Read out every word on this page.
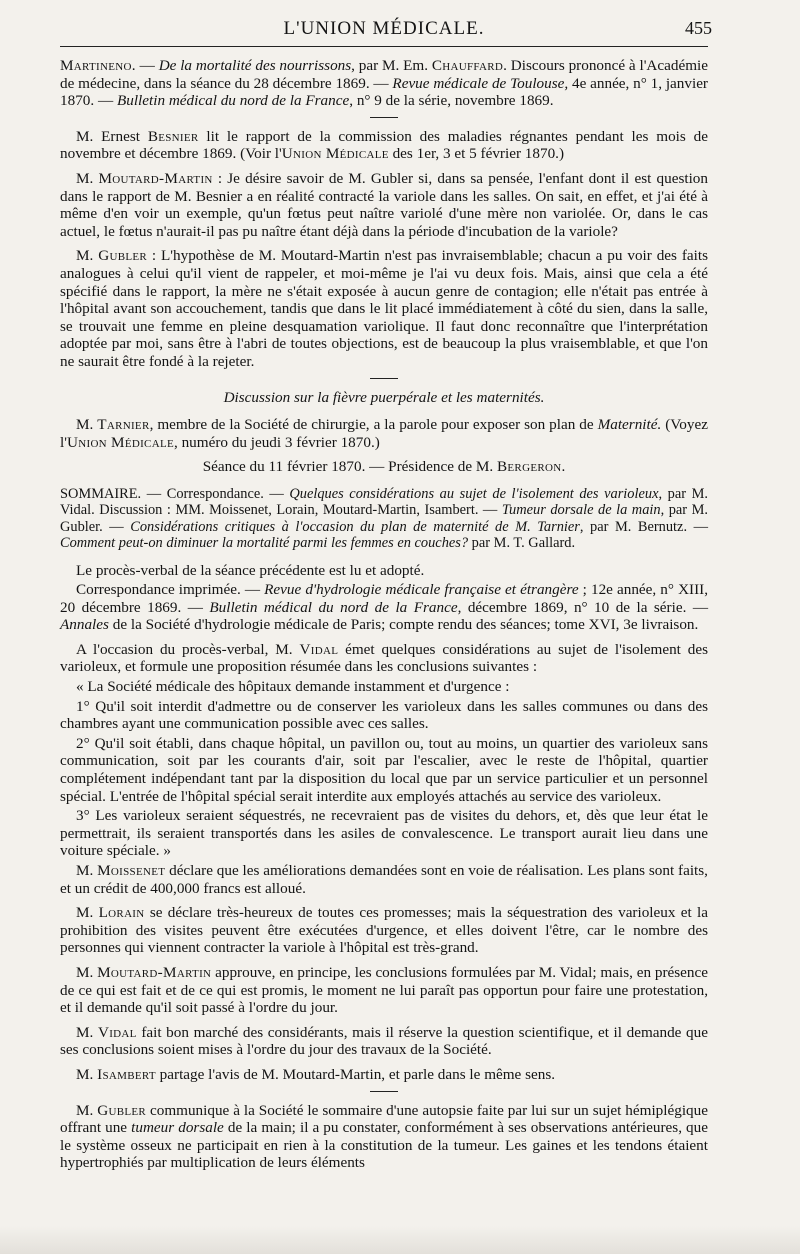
L'UNION MÉDICALE.	455

Martineno. — De la mortalité des nourrissons, par M. Em. Chauffard. Discours prononcé à l'Académie de médecine, dans la séance du 28 décembre 1869. — Revue médicale de Toulouse, 4e année, n° 1, janvier 1870. — Bulletin médical du nord de la France, n° 9 de la série, novembre 1869.

M. Ernest Besnier lit le rapport de la commission des maladies régnantes pendant les mois de novembre et décembre 1869. (Voir l'Union Médicale des 1er, 3 et 5 février 1870.)

M. Moutard-Martin : Je désire savoir de M. Gubler si, dans sa pensée, l'enfant dont il est question dans le rapport de M. Besnier a en réalité contracté la variole dans les salles. On sait, en effet, et j'ai été à même d'en voir un exemple, qu'un fœtus peut naître variolé d'une mère non variolée. Or, dans le cas actuel, le fœtus n'aurait-il pas pu naître étant déjà dans la période d'incubation de la variole?

M. Gubler : L'hypothèse de M. Moutard-Martin n'est pas invraisemblable; chacun a pu voir des faits analogues à celui qu'il vient de rappeler, et moi-même je l'ai vu deux fois. Mais, ainsi que cela a été spécifié dans le rapport, la mère ne s'était exposée à aucun genre de contagion; elle n'était pas entrée à l'hôpital avant son accouchement, tandis que dans le lit placé immédiatement à côté du sien, dans la salle, se trouvait une femme en pleine desquamation variolique. Il faut donc reconnaître que l'interprétation adoptée par moi, sans être à l'abri de toutes objections, est de beaucoup la plus vraisemblable, et que l'on ne saurait être fondé à la rejeter.

Discussion sur la fièvre puerpérale et les maternités.

M. Tarnier, membre de la Société de chirurgie, a la parole pour exposer son plan de Maternité. (Voyez l'Union Médicale, numéro du jeudi 3 février 1870.)

Séance du 11 février 1870. — Présidence de M. Bergeron.

SOMMAIRE. — Correspondance. — Quelques considérations au sujet de l'isolement des varioleux, par M. Vidal. Discussion : MM. Moissenet, Lorain, Moutard-Martin, Isambert. — Tumeur dorsale de la main, par M. Gubler. — Considérations critiques à l'occasion du plan de maternité de M. Tarnier, par M. Bernutz. — Comment peut-on diminuer la mortalité parmi les femmes en couches? par M. T. Gallard.

Le procès-verbal de la séance précédente est lu et adopté.

Correspondance imprimée. — Revue d'hydrologie médicale française et étrangère ; 12e année, n° XIII, 20 décembre 1869. — Bulletin médical du nord de la France, décembre 1869, n° 10 de la série. — Annales de la Société d'hydrologie médicale de Paris; compte rendu des séances; tome XVI, 3e livraison.

A l'occasion du procès-verbal, M. Vidal émet quelques considérations au sujet de l'isolement des varioleux, et formule une proposition résumée dans les conclusions suivantes :

« La Société médicale des hôpitaux demande instamment et d'urgence :

1° Qu'il soit interdit d'admettre ou de conserver les varioleux dans les salles communes ou dans des chambres ayant une communication possible avec ces salles.

2° Qu'il soit établi, dans chaque hôpital, un pavillon ou, tout au moins, un quartier des varioleux sans communication, soit par les courants d'air, soit par l'escalier, avec le reste de l'hôpital, quartier complétement indépendant tant par la disposition du local que par un service particulier et un personnel spécial. L'entrée de l'hôpital spécial serait interdite aux employés attachés au service des varioleux.

3° Les varioleux seraient séquestrés, ne recevraient pas de visites du dehors, et, dès que leur état le permettrait, ils seraient transportés dans les asiles de convalescence. Le transport aurait lieu dans une voiture spéciale. »

M. Moissenet déclare que les améliorations demandées sont en voie de réalisation. Les plans sont faits, et un crédit de 400,000 francs est alloué.

M. Lorain se déclare très-heureux de toutes ces promesses; mais la séquestration des varioleux et la prohibition des visites peuvent être exécutées d'urgence, et elles doivent l'être, car le nombre des personnes qui viennent contracter la variole à l'hôpital est très-grand.

M. Moutard-Martin approuve, en principe, les conclusions formulées par M. Vidal; mais, en présence de ce qui est fait et de ce qui est promis, le moment ne lui paraît pas opportun pour faire une protestation, et il demande qu'il soit passé à l'ordre du jour.

M. Vidal fait bon marché des considérants, mais il réserve la question scientifique, et il demande que ses conclusions soient mises à l'ordre du jour des travaux de la Société.

M. Isambert partage l'avis de M. Moutard-Martin, et parle dans le même sens.

M. Gubler communique à la Société le sommaire d'une autopsie faite par lui sur un sujet hémiplégique offrant une tumeur dorsale de la main; il a pu constater, conformément à ses observations antérieures, que le système osseux ne participait en rien à la constitution de la tumeur. Les gaines et les tendons étaient hypertrophiés par multiplication de leurs éléments
